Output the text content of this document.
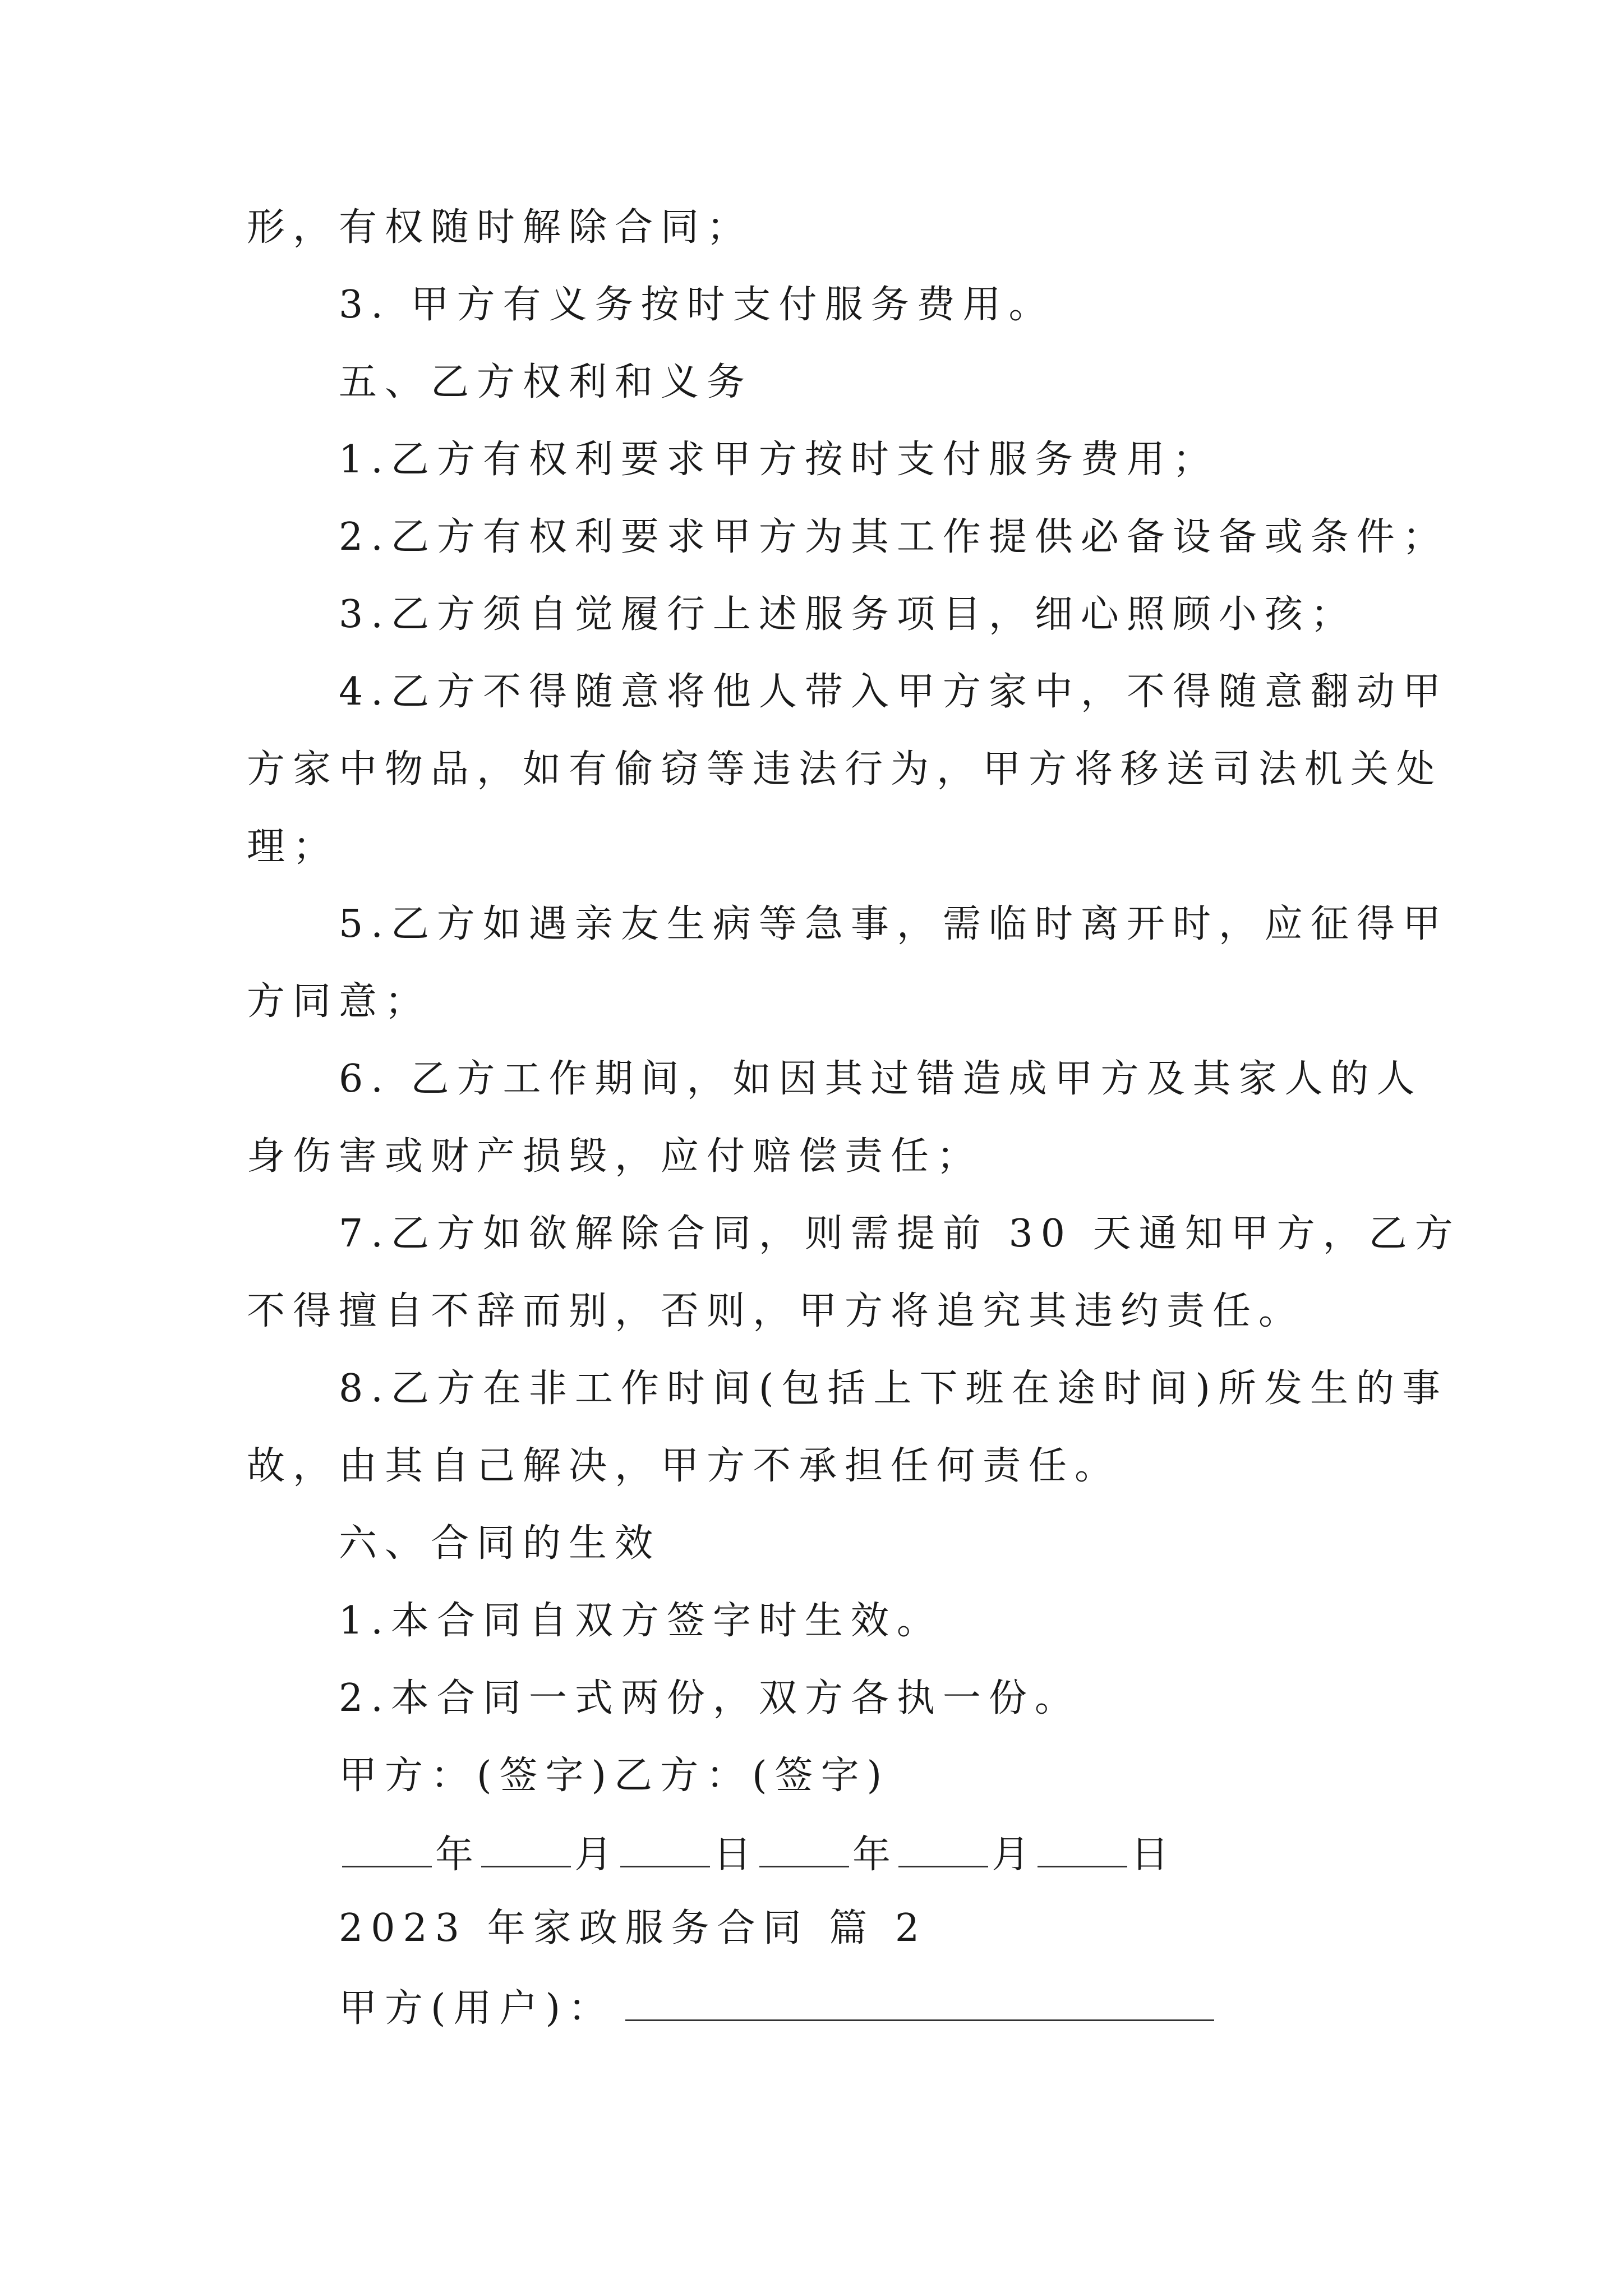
形，有权随时解除合同；
3. 甲方有义务按时支付服务费用。
五、乙方权利和义务
1.乙方有权利要求甲方按时支付服务费用；
2.乙方有权利要求甲方为其工作提供必备设备或条件；
3.乙方须自觉履行上述服务项目，细心照顾小孩；
4.乙方不得随意将他人带入甲方家中，不得随意翻动甲
方家中物品，如有偷窃等违法行为，甲方将移送司法机关处
理；
5.乙方如遇亲友生病等急事，需临时离开时，应征得甲
方同意；
6. 乙方工作期间，如因其过错造成甲方及其家人的人
身伤害或财产损毁，应付赔偿责任；
7.乙方如欲解除合同，则需提前 30 天通知甲方，乙方
不得擅自不辞而别，否则，甲方将追究其违约责任。
8.乙方在非工作时间(包括上下班在途时间)所发生的事
故，由其自己解决，甲方不承担任何责任。
六、合同的生效
1.本合同自双方签字时生效。
2.本合同一式两份，双方各执一份。
甲方：(签字)乙方：(签字)
年	月	日	年	月	日
2023 年家政服务合同 篇 2
甲方(用户)：
